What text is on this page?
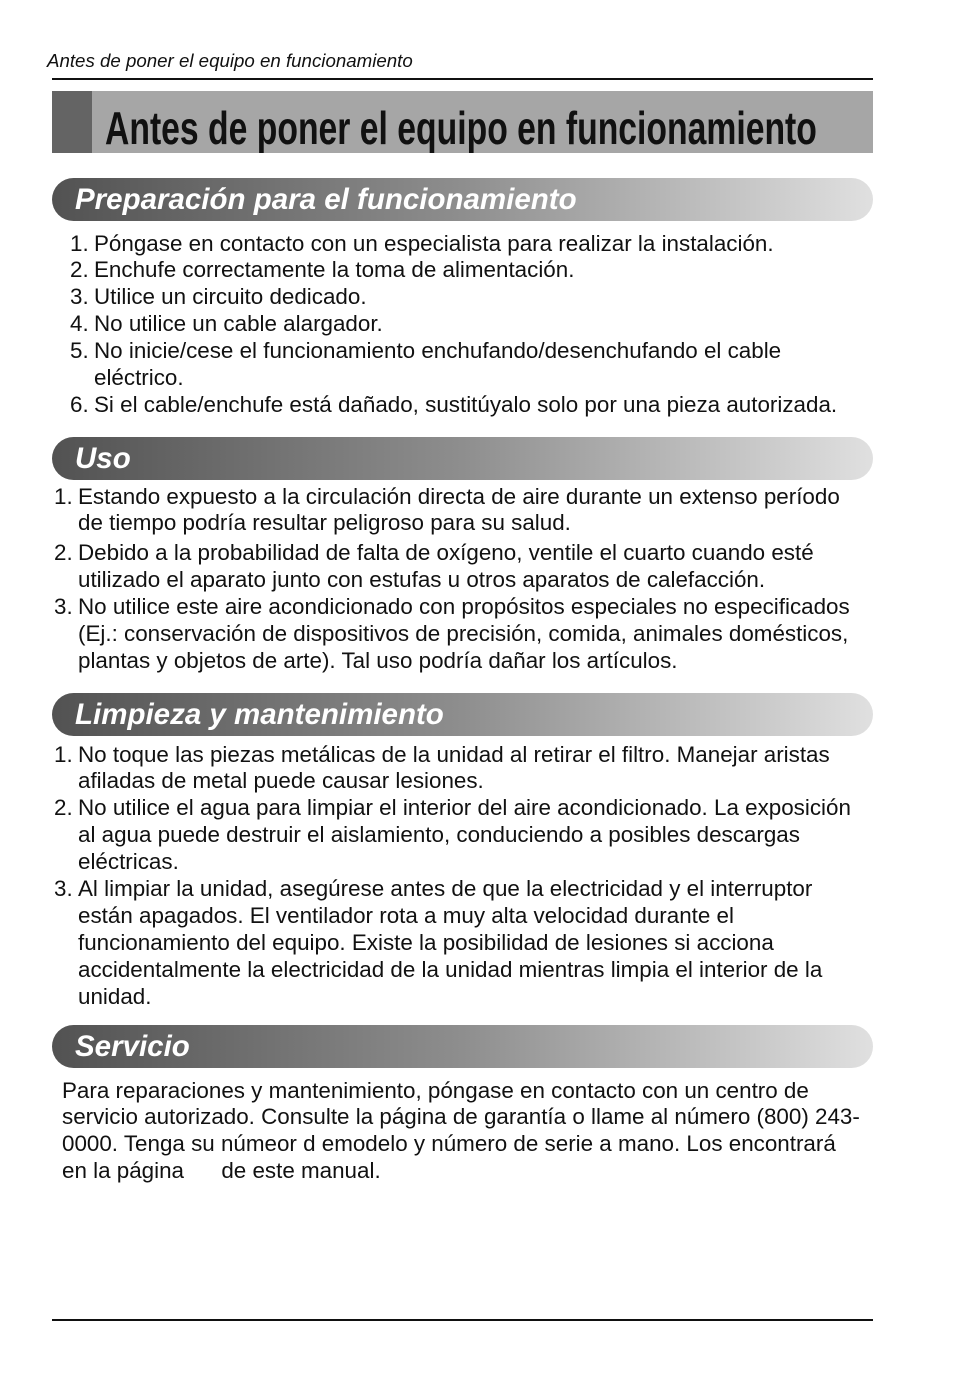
Antes de poner el equipo en funcionamiento
Antes de poner el equipo en funcionamiento
Preparación para el funcionamiento
1. Póngase en contacto con un especialista para realizar la instalación.
2. Enchufe correctamente la toma de alimentación.
3. Utilice un circuito dedicado.
4. No utilice un cable alargador.
5. No inicie/cese el funcionamiento enchufando/desenchufando el cable
eléctrico.
6. Si el cable/enchufe está dañado, sustitúyalo solo por una pieza autorizada.
Uso
1. Estando expuesto a la circulación directa de aire durante un extenso período
de tiempo podría resultar peligroso para su salud.
2. Debido a la probabilidad de falta de oxígeno, ventile el cuarto cuando esté
utilizado el aparato junto con estufas u otros aparatos de calefacción.
3. No utilice este aire acondicionado con propósitos especiales no especificados
(Ej.: conservación de dispositivos de precisión, comida, animales domésticos,
plantas y objetos de arte). Tal uso podría dañar los artículos.
Limpieza y mantenimiento
1. No toque las piezas metálicas de la unidad al retirar el filtro. Manejar aristas
afiladas de metal puede causar lesiones.
2. No utilice el agua para limpiar el interior del aire acondicionado. La exposición
al agua puede destruir el aislamiento, conduciendo a posibles descargas
eléctricas.
3. Al limpiar la unidad, asegúrese antes de que la electricidad y el interruptor
están apagados. El ventilador rota a muy alta velocidad durante el
funcionamiento del equipo. Existe la posibilidad de lesiones si acciona
accidentalmente la electricidad de la unidad mientras limpia el interior de la
unidad.
Servicio
Para reparaciones y mantenimiento, póngase en contacto con un centro de
servicio autorizado. Consulte la página de garantía o llame al número (800) 243-
0000. Tenga su númeor d emodelo y número de serie a mano. Los encontrará
en la página      de este manual.
